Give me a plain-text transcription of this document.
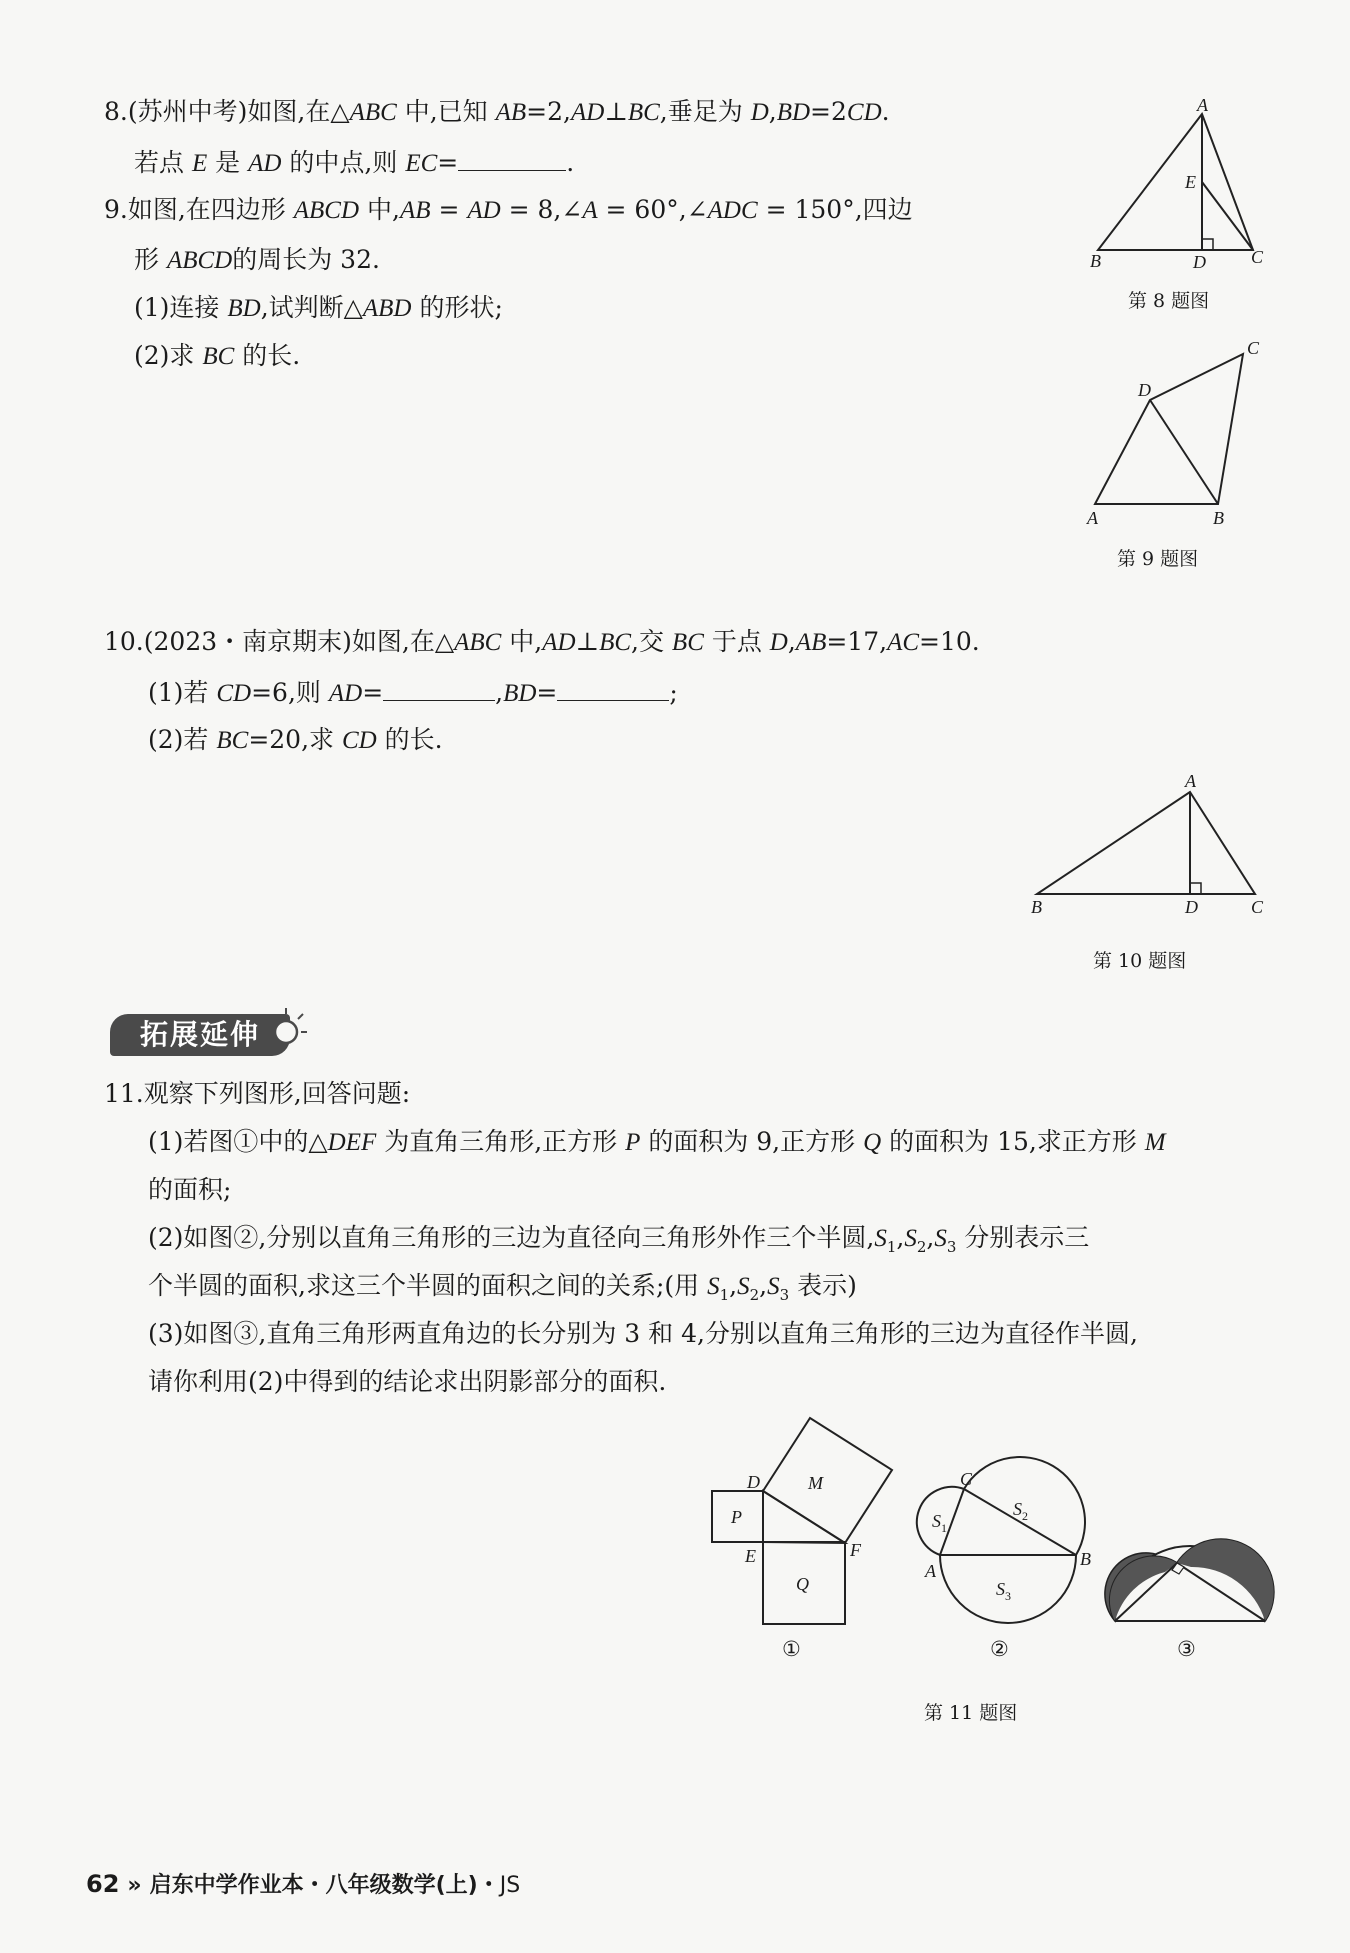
8.(苏州中考)如图,在△ABC 中,已知 AB=2,AD⊥BC,垂足为 D,BD=2CD.
若点 E 是 AD 的中点,则 EC=	.
A
B	C
D
E
第 8 题图
9.如图,在四边形 ABCD 中,AB = AD = 8,∠A = 60°,∠ADC = 150°,四边
形 ABCD的周长为 32.
(1)连接 BD,试判断△ABD 的形状;
(2)求 BC 的长.
A	B
C
D
第 9 题图
10.(2023・南京期末)如图,在△ABC 中,AD⊥BC,交 BC 于点 D,AB=17,AC=10.
(1)若 CD=6,则 AD=	,BD=	;
(2)若 BC=20,求 CD 的长.
A
B	C
D
第 10 题图
拓展延伸
11.观察下列图形,回答问题:
(1)若图①中的△DEF 为直角三角形,正方形 P 的面积为 9,正方形 Q 的面积为 15,求正方形 M
的面积;
(2)如图②,分别以直角三角形的三边为直径向三角形外作三个半圆$,S_1,S_2,S_3$ 分别表示三
个半圆的面积,求这三个半圆的面积之间的关系;(用 $S_1,S_2,S_3$ 表示)
(3)如图③,直角三角形两直角边的长分别为 3 和 4,分别以直角三角形的三边为直径作半圆,
请你利用(2)中得到的结论求出阴影部分的面积.
D
E	F
P
Q
M
①
A
B
C
$S_1$
$S_2$
$S_3$
②	③
第 11 题图
62 » 启东中学作业本・八年级数学(上)・JS
